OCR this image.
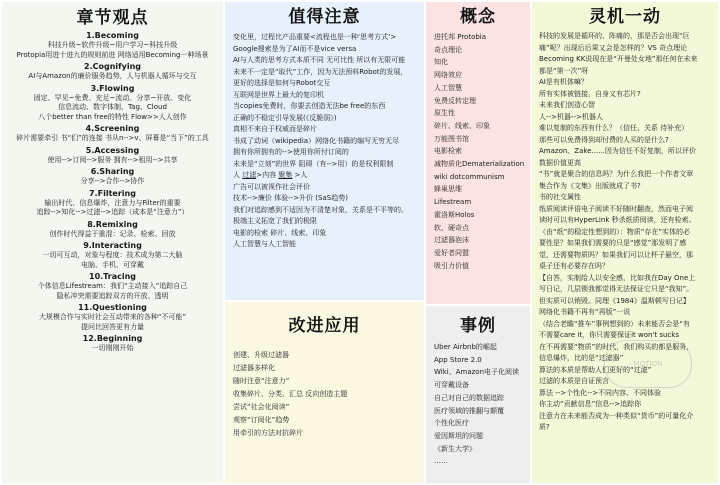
章节观点
1.Becoming
科技升级~软件升级~用户学习~科技升级
Protopia用进十进九的规则前进 网络适用Becoming一种场景
2.Cognifying
AI与Amazon的廉价服务趋势，人与机器人循环与交互
3.Flowing
固定、罕见~免费、充足~流动、分享~开放、变化
信息流动、数字体制、Tag、Cloud
八个better than free的特性 Flow>>人人创作
4.Screening
碎片需要牵引 书“们”的连接 书从n-->v、屏幕是“当下”的工具
5.Accessing
使用-->订阅-->服务 拥有-->租用-->共享
6.Sharing
分享-->合作-->协作
7.Filtering
输出时代、信息爆炸，注意力与Filter的重要
追踪-->知化-->过滤-->追踪（成本是“注意力”）
8.Remixing
创作时代得益于重混：记录、检索、回放
9.Interacting
一切可互动，对象与程度：技术成为第二大脑
电脑、手机、可穿戴
10.Tracing
个体信息Lifestream：我们“主动接入”追踪自己
隐私冲突需要追踪双方的开放、透明
11.Questioning
大规模合作与实时社会互动带来的各种“不可能”
提问比回答更有力量
12.Beginning
一切刚刚开始
值得注意
变化里，过程比产品重要<流程也是一种‘思考方式’>
Google搜索是为了AI而不是vice versa
AI与人类的思考方式本质不同 无可比性 所以有无限可能
未来不一定是“取代”工作，因为无法预料Robot的发展，
更好的选择是如何与Robot交互
互联网是世界上最大的复印机
当copies免费时，你要去创造无法be free的东西
正确的不稳定引导发展(《反脆弱》)
真相不来自于权威而是碎片
书成了动词（wikipedia）网络化书籍的编写无穷无尽
拥有你所拥有的-->使用你所付订阅的
未来是“立刻”的世界 阻碍（有-->用）的是权利限制
人 过滤>内容 聚集 >人
广告可以被视作社会评价
技术-->廉价 体验-->升价 (SaS趋势)
我们对追踪感到不适因为不清楚对象，关系是不平等的。
极端主义拓宽了我们的极限
电影的检索 碎片、线索、印象
人工智慧与人工智能
改进应用
创建、升级过滤器
过滤器多样化
随时注意“注意力”
收集碎片、分类、汇总 反向创造主题
尝试“社会化阅读”
观察“订阅化”趋势
用牵引的方法对抗碎片
概念
进托邦 Protobia
奇点理论
知化
网络效应
人工智慧
免费反转定理
原生性
碎片、线索、印象
万能图书馆
电影检索
减物质化Dematerialization
wiki dotcommunism
蜂巢思维
Lifestream
霍洛斯Holos
软、硬奇点
过滤器泡沫
爱好者同盟
吸引力价值
事例
Uber Airbnb的崛起
App Store 2.0
Wiki、Amazon电子化阅读
可穿戴设备
自己对自己的数据追踪
医疗领域的推翻与颠覆
个性化医疗
爱因斯坦的问题
《新生大学》
……
灵机一动
科技的发展是循环的、阵痛的，那是否会出现“巨
痛”呢？出现后后果又会是怎样的？VS 奇点理论
Becoming KK说现在是“开曼处女地”那任何在未来
都是“第一次”呀
AI是有机体嘛？
所有实体被链接，自身又有芯片?
未来我们创造心智
人-->机器-->机器人
难以复制的东西有什么？（信任、关系 待补充）
那些可以免费得到却付费的人买的是什么?
Amazon、Zake......因为信任不好复制，所以评价
数据价值更高
“书”就是聚合的信息吗？为什么我把一个作者文章
集合作为《文集》出版就成了书?
书的社交属性
纸质阅读评语电子阅读不好随时翻查，然而电子阅
读时可以有HyperLink 秒杀纸质阅读，还有检索。
（由“纸”的稳定性想到的）：物质“存在”实体的必
要性是？如果我们需要的只是“感觉”那发明了感
觉，还需要物质吗？如果我们可以让杯子悬空，那
桌子还有必要存在吗？
【自答，实制给人以安全感，比如我在Day One上
写日记，几层锁我都觉得无法保证它只是“我知”。
但实质可以销毁。同理《1984》温斯顿写日记】
网络化书籍不再有“再版”一说
（结合老瞻“推车”事例想到的）未来能否会是“有
不需要care it，你只需要保证it won't sucks
在不再需要“物质”的时代，我们购买的都是服务，
信息爆炸，比的是“过滤器”
算法的本质是帮助人们更好的“过滤”
过滤的本质是自证预言
算法 -->个性化-->不同内容、不同体验
你主动“贡献信息”信息-->追踪你
注意力在未来能否成为一种类似“货币”的可量化介
质?
MOTION
